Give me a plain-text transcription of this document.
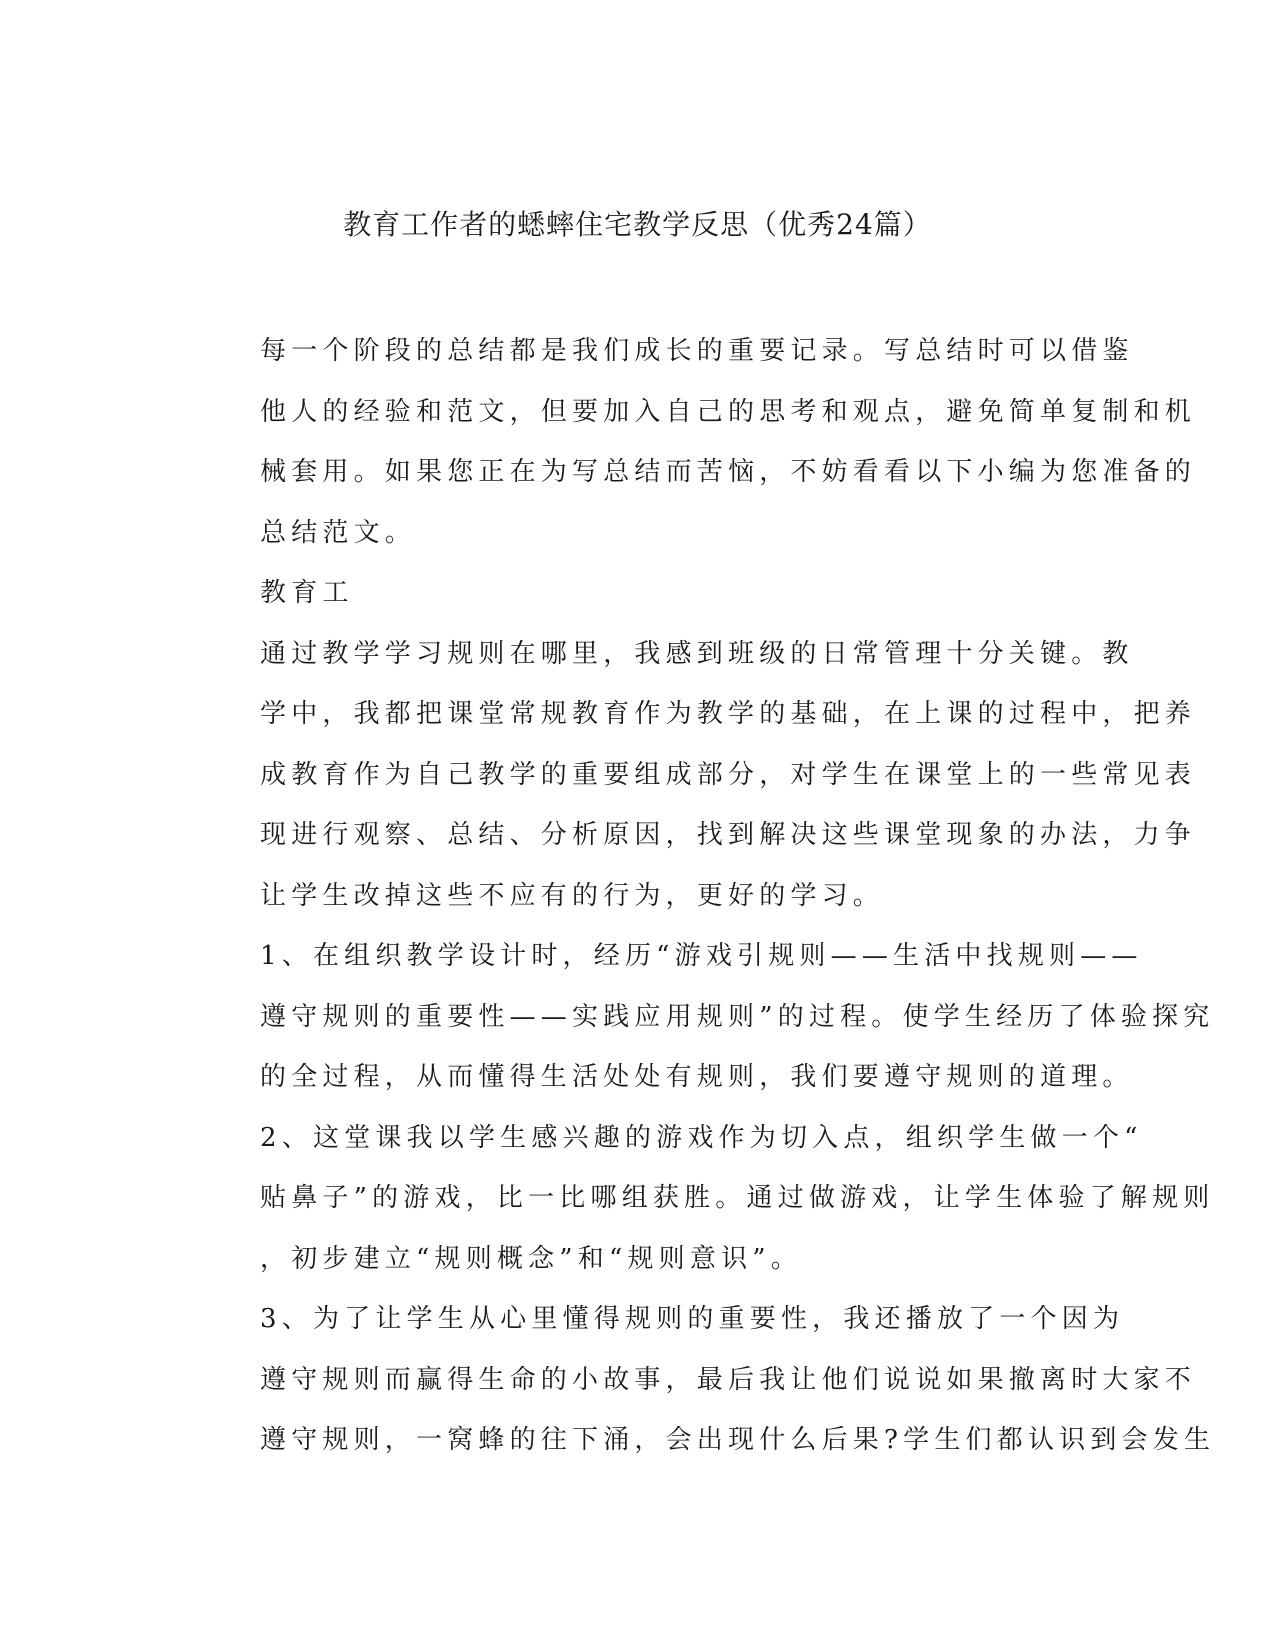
教育工作者的蟋蟀住宅教学反思（优秀24篇）

每一个阶段的总结都是我们成长的重要记录。写总结时可以借鉴
他人的经验和范文，但要加入自己的思考和观点，避免简单复制和机
械套用。如果您正在为写总结而苦恼，不妨看看以下小编为您准备的
总结范文。

教育工

通过教学学习规则在哪里，我感到班级的日常管理十分关键。教
学中，我都把课堂常规教育作为教学的基础，在上课的过程中，把养
成教育作为自己教学的重要组成部分，对学生在课堂上的一些常见表
现进行观察、总结、分析原因，找到解决这些课堂现象的办法，力争
让学生改掉这些不应有的行为，更好的学习。

1、在组织教学设计时，经历“游戏引规则——生活中找规则——
遵守规则的重要性——实践应用规则”的过程。使学生经历了体验探究
的全过程，从而懂得生活处处有规则，我们要遵守规则的道理。

2、这堂课我以学生感兴趣的游戏作为切入点，组织学生做一个“
贴鼻子”的游戏，比一比哪组获胜。通过做游戏，让学生体验了解规则
，初步建立“规则概念”和“规则意识”。

3、为了让学生从心里懂得规则的重要性，我还播放了一个因为
遵守规则而赢得生命的小故事，最后我让他们说说如果撤离时大家不
遵守规则，一窝蜂的往下涌，会出现什么后果?学生们都认识到会发生
